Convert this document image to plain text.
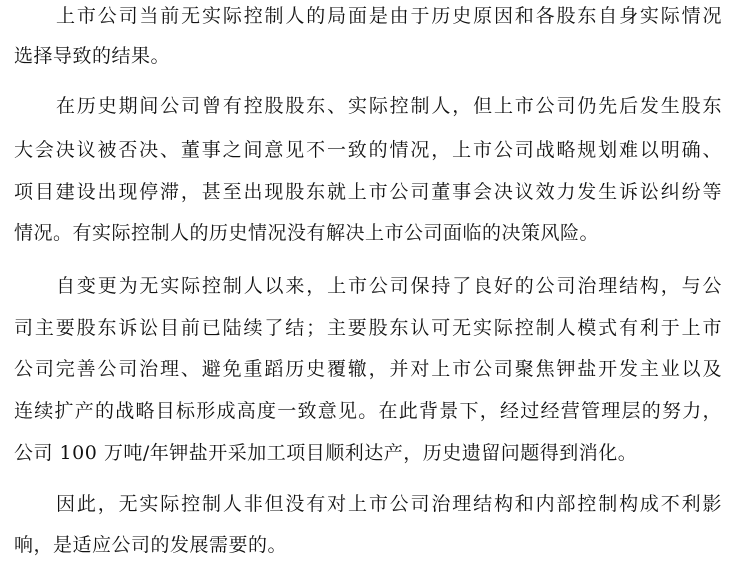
上市公司当前无实际控制人的局面是由于历史原因和各股东自身实际情况
选择导致的结果。
在历史期间公司曾有控股股东、实际控制人，但上市公司仍先后发生股东
大会决议被否决、董事之间意见不一致的情况，上市公司战略规划难以明确、
项目建设出现停滞，甚至出现股东就上市公司董事会决议效力发生诉讼纠纷等
情况。有实际控制人的历史情况没有解决上市公司面临的决策风险。
自变更为无实际控制人以来，上市公司保持了良好的公司治理结构，与公
司主要股东诉讼目前已陆续了结；主要股东认可无实际控制人模式有利于上市
公司完善公司治理、避免重蹈历史覆辙，并对上市公司聚焦钾盐开发主业以及
连续扩产的战略目标形成高度一致意见。在此背景下，经过经营管理层的努力，
公司 100 万吨/年钾盐开采加工项目顺利达产，历史遗留问题得到消化。
因此，无实际控制人非但没有对上市公司治理结构和内部控制构成不利影
响，是适应公司的发展需要的。
